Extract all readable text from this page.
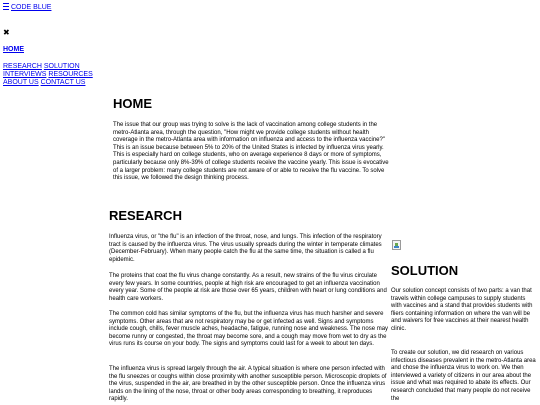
CODE BLUE
✖
HOME
RESEARCH SOLUTION INTERVIEWS RESOURCES ABOUT US CONTACT US
HOME

The issue that our group was trying to solve is the lack of vaccination among college students in the metro-Atlanta area, through the question, "How might we provide college students without health coverage in the metro-Atlanta area with information on influenza and access to the influenza vaccine?" This is an issue because between 5% to 20% of the United States is infected by influenza virus yearly. This is especially hard on college students, who on average experience 8 days or more of symptoms, particularly because only 8%-39% of college students receive the vaccine yearly. This issue is evocative of a larger problem: many college students are not aware of or able to receive the flu vaccine. To solve this issue, we followed the design thinking process.

RESEARCH

Influenza virus, or "the flu" is an infection of the throat, nose, and lungs. This infection of the respiratory tract is caused by the influenza virus. The virus usually spreads during the winter in temperate climates (December-February). When many people catch the flu at the same time, the situation is called a flu epidemic.

The proteins that coat the flu virus change constantly. As a result, new strains of the flu virus circulate every few years. In some countries, people at high risk are encouraged to get an influenza vaccination every year. Some of the people at risk are those over 65 years, children with heart or lung conditions and health care workers.

The common cold has similar symptoms of the flu, but the influenza virus has much harsher and severe symptoms. Other areas that are not respiratory may be or get infected as well. Signs and symptoms include cough, chills, fever muscle aches, headache, fatigue, running nose and weakness. The nose may become runny or congested, the throat may become sore, and a cough may move from wet to dry as the virus runs its course on your body. The signs and symptoms could last for a week to about ten days.

The influenza virus is spread largely through the air. A typical situation is where one person infected with the flu sneezes or coughs within close proximity with another susceptible person. Microscopic droplets of the virus, suspended in the air, are breathed in by the other susceptible person. Once the influenza virus lands on the lining of the nose, throat or other body areas corresponding to breathing, it reproduces rapidly.

SOLUTION

Our solution concept consists of two parts: a van that travels within college campuses to supply students with vaccines and a stand that provides students with fliers containing information on where the van will be and waivers for free vaccines at their nearest health clinic.

To create our solution, we did research on various infectious diseases prevalent in the metro-Atlanta area and chose the influenza virus to work on. We then interviewed a variety of citizens in our area about the issue and what was required to abate its effects. Our research concluded that many people do not receive the
